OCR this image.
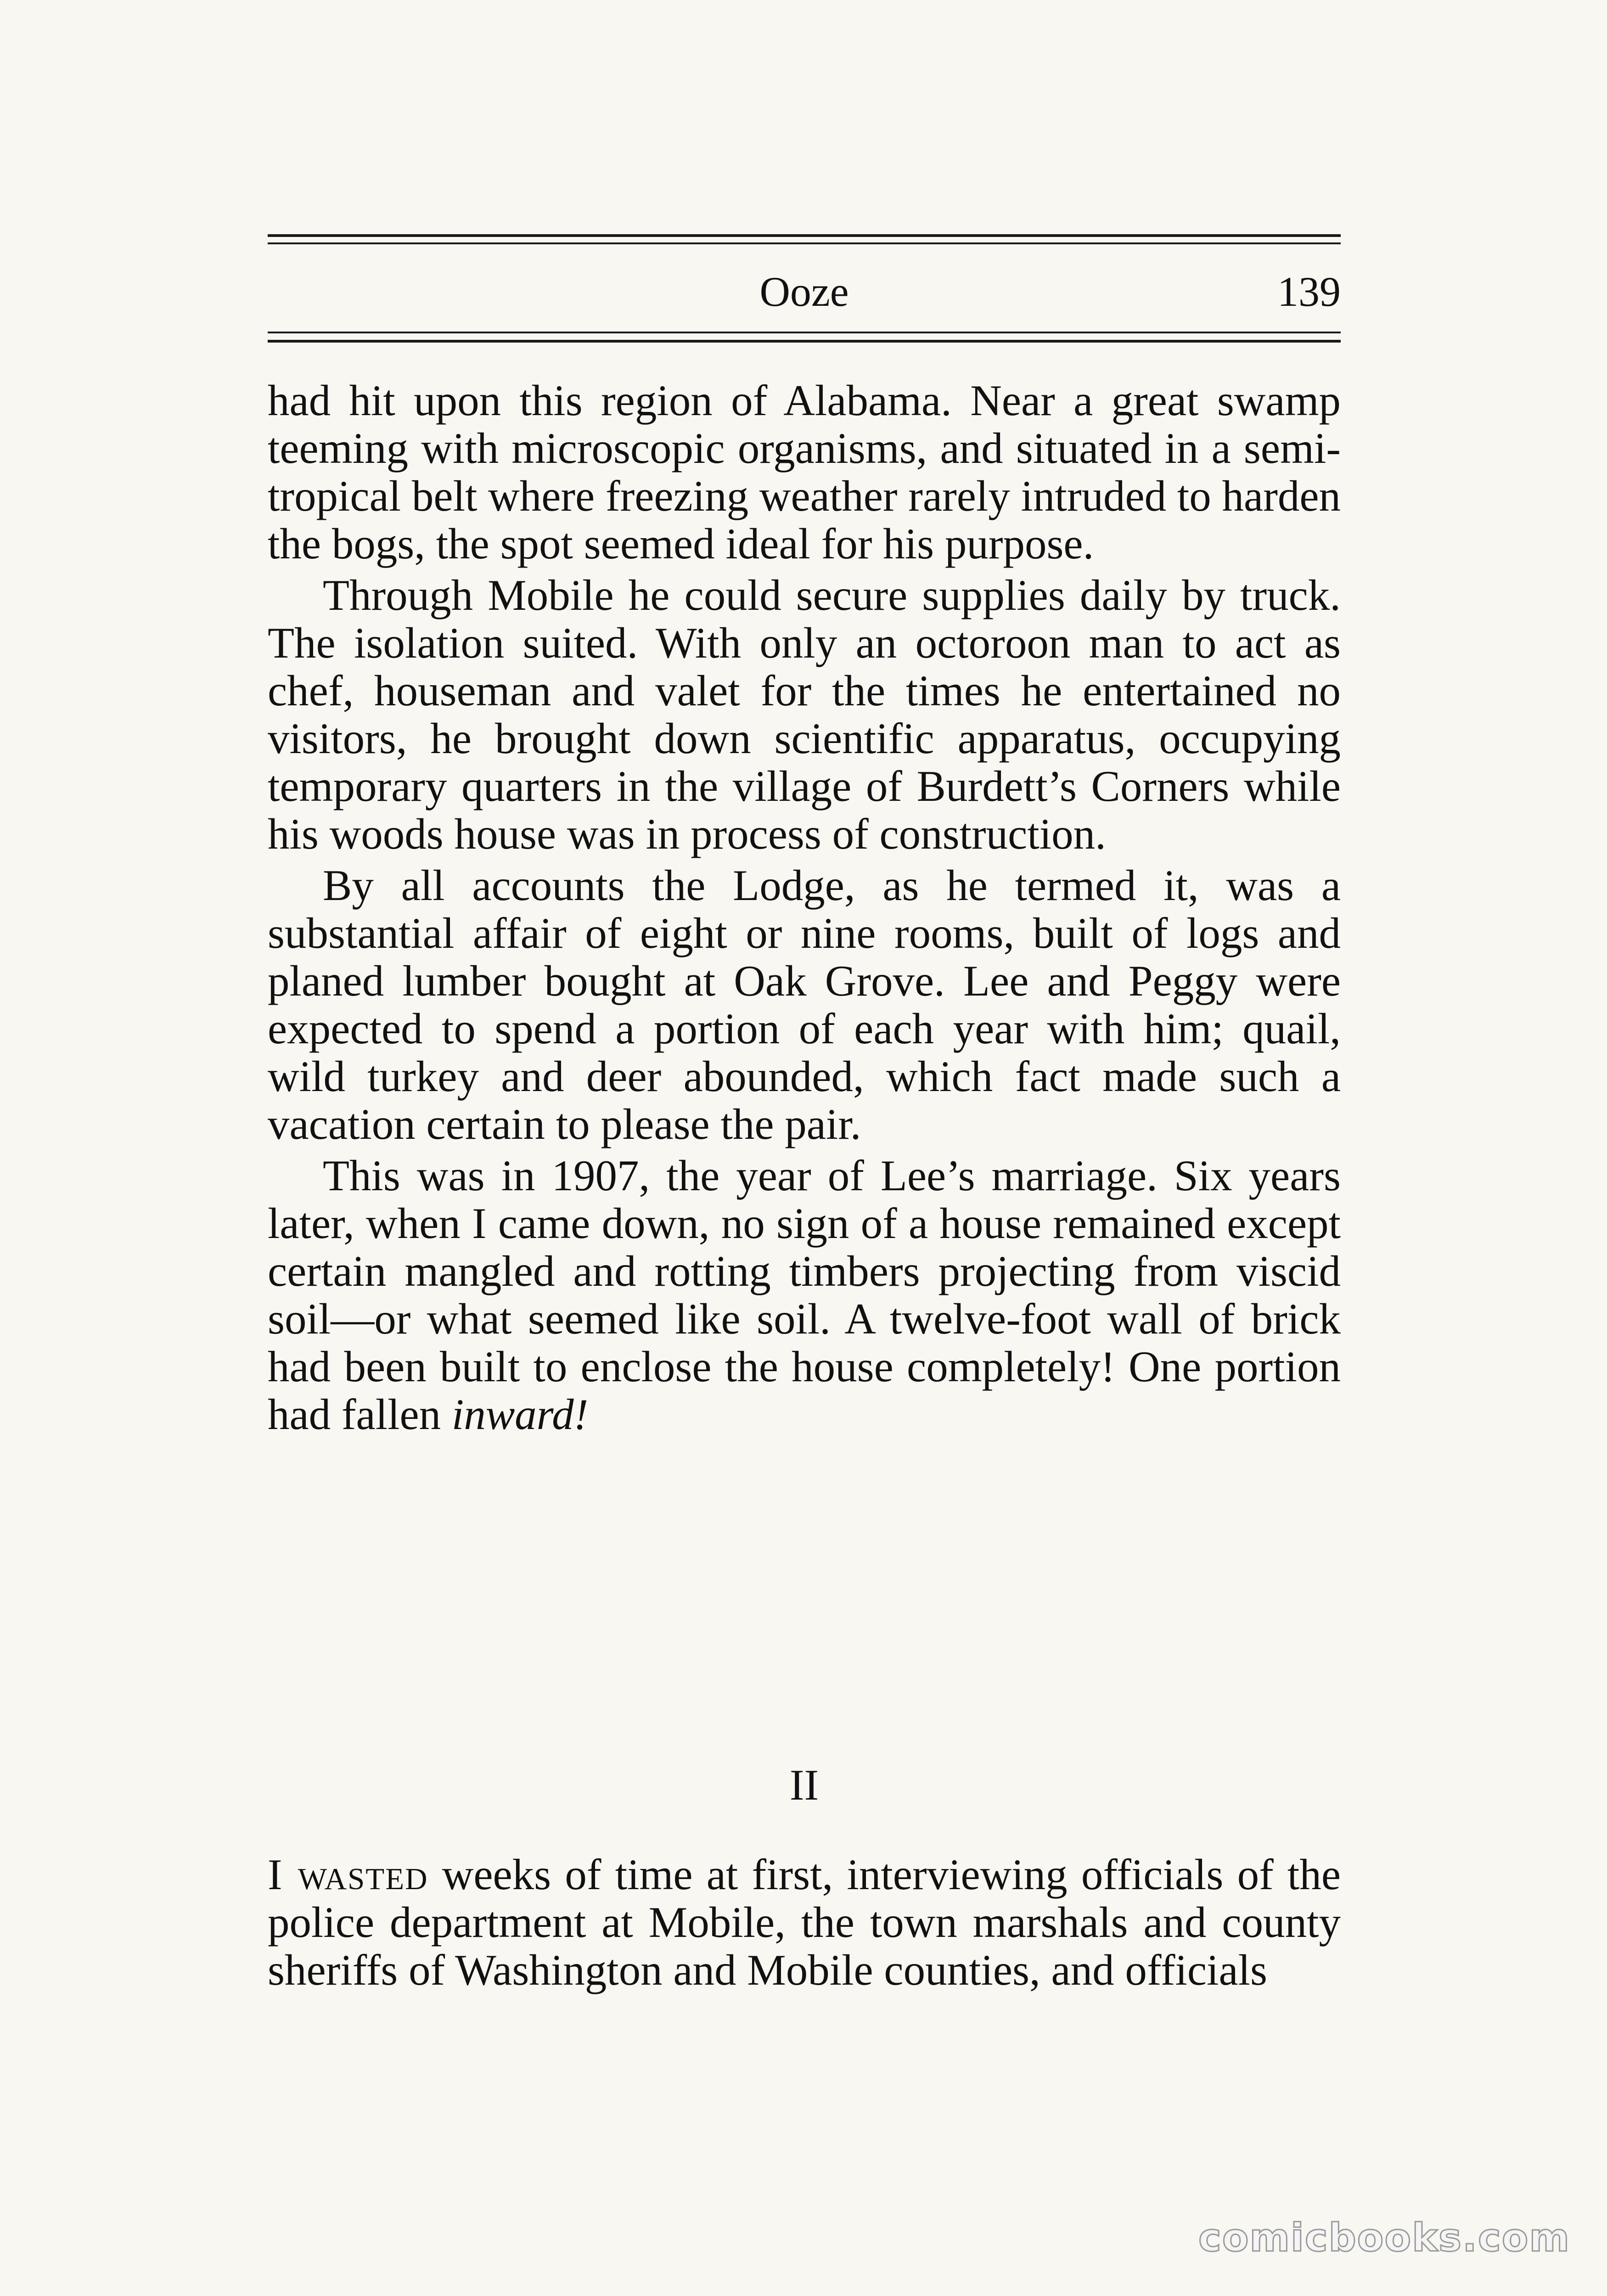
Ooze	139

had hit upon this region of Alabama. Near a great swamp teeming with microscopic organisms, and situated in a semi-tropical belt where freezing weather rarely intruded to harden the bogs, the spot seemed ideal for his purpose.

Through Mobile he could secure supplies daily by truck. The isolation suited. With only an octoroon man to act as chef, houseman and valet for the times he entertained no visitors, he brought down scientific apparatus, occupying temporary quarters in the village of Burdett’s Corners while his woods house was in process of construction.

By all accounts the Lodge, as he termed it, was a substantial affair of eight or nine rooms, built of logs and planed lumber bought at Oak Grove. Lee and Peggy were expected to spend a portion of each year with him; quail, wild turkey and deer abounded, which fact made such a vacation certain to please the pair.

This was in 1907, the year of Lee’s marriage. Six years later, when I came down, no sign of a house remained except certain mangled and rotting timbers projecting from viscid soil—or what seemed like soil. A twelve-foot wall of brick had been built to enclose the house completely! One portion had fallen inward!

II

I wasted weeks of time at first, interviewing officials of the police department at Mobile, the town marshals and county sheriffs of Washington and Mobile counties, and officials

comicbooks.com
